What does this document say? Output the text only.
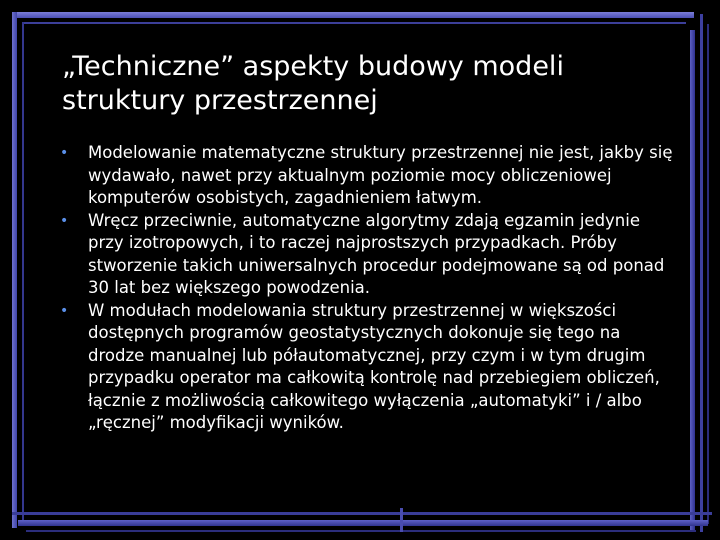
„Techniczne” aspekty budowy modeli struktury przestrzennej
• Modelowanie matematyczne struktury przestrzennej nie jest, jakby się wydawało, nawet przy aktualnym poziomie mocy obliczeniowej komputerów osobistych, zagadnieniem łatwym.
• Wręcz przeciwnie, automatyczne algorytmy zdają egzamin jedynie przy izotropowych, i to raczej najprostszych przypadkach. Próby stworzenie takich uniwersalnych procedur podejmowane są od ponad 30 lat bez większego powodzenia.
• W modułach modelowania struktury przestrzennej w większości dostępnych programów geostatystycznych dokonuje się tego na drodze manualnej lub półautomatycznej, przy czym i w tym drugim przypadku operator ma całkowitą kontrolę nad przebiegiem obliczeń, łącznie z możliwością całkowitego wyłączenia „automatyki” i / albo „ręcznej” modyfikacji wyników.
